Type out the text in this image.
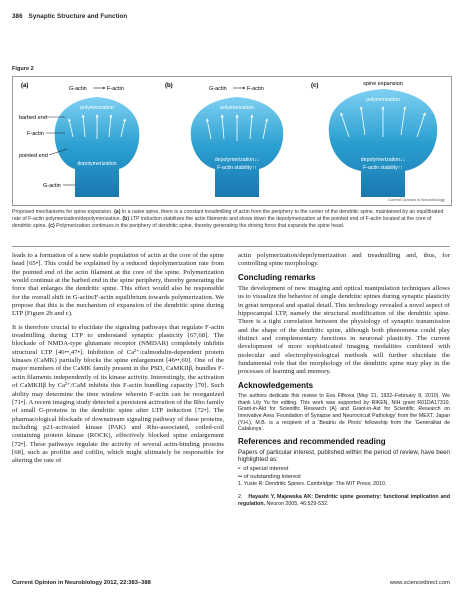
386 Synaptic Structure and Function
Figure 2
(a)	G-actin	F-actin
polymerization
depolymerization
barbed end
F-actin
pointed end
G-actin
(b)	G-actin	F-actin
polymerization
depolymerization↓↓
F-actin stability↑↑
(c)	spine expansion
polymerization
depolymerization↓↓
F-actin stability↑↑
Current Opinion in Neurobiology
Proposed mechanisms for spine expansion. (a) In a naive spine, there is a constant treadmilling of actin from the periphery to the center of the dendritic spine, maintained by an equilibrated rate of F-actin polymerization/depolymerization. (b) LTP induction stabilizes the actin filaments and slows down the depolymerization at the pointed end of F-actin located at the core of dendritic spine. (c) Polymerization continues in the periphery of dendritic spine, thereby generating the driving force that expands the spine head.

leads to a formation of a new stable population of actin at the core of the spine head [65•]. This could be explained by a reduced depolymerization rate from the pointed end of the actin filament at the core of the spine. Polymerization would continue at the barbed end in the spine periphery, thereby generating the force that enlarges the dendritic spine. This effect would also be responsible for the overall shift in G-actin/F-actin equilibrium towards polymerization. We propose that this is the mechanism of expansion of the dendritic spine during LTP (Figure 2b and c).

It is therefore crucial to elucidate the signaling pathways that regulate F-actin treadmilling during LTP to understand synaptic plasticity [67,68]. The blockade of NMDA-type glutamate receptor (NMDAR) completely inhibits structural LTP [46••,47•]. Inhibition of Ca²⁺/calmodulin-dependent protein kinases (CaMK) partially blocks the spine enlargement [46••,69]. One of the major members of the CaMK family present in the PSD, CaMKIIβ, bundles F-actin filaments independently of its kinase activity. Interestingly, the activation of CaMKIIβ by Ca²⁺/CaM inhibits this F-actin bundling capacity [70]. Such ability may determine the time window wherein F-actin can be reorganized [71•]. A recent imaging study detected a persistent activation of the Rho family of small G-proteins in the dendritic spine after LTP induction [72•]. The pharmacological blockade of downstream signaling pathway of these proteins, including p21-activated kinase (PAK) and Rho-associated, coiled-coil containing protein kinase (ROCK), effectively blocked spine enlargement [72•]. These pathways regulate the activity of several actin-binding proteins [68], such as profilin and cofilin, which might ultimately be responsible for altering the rate of

actin polymerization/depolymerization and treadmilling and, thus, for controlling spine morphology.

Concluding remarks

The development of new imaging and optical manipulation techniques allows us to visualize the behavior of single dendritic spines during synaptic plasticity in great temporal and spatial detail. This technology revealed a novel aspect of hippocampal LTP, namely the structural modification of the dendritic spine. There is a tight correlation between the physiology of synaptic transmission and the shape of the dendritic spine, although both phenomena could play distinct and complementary functions in neuronal plasticity. The current development of more sophisticated imaging modalities combined with molecular and electrophysiological methods will further elucidate the fundamental role that the morphology of the dendritic spine may play in the processes of learning and memory.

Acknowledgements

The authors dedicate this review to Eva Fifkova (May 21, 1932–February 8, 2010). We thank Lily Yu for editing. This work was supported by RIKEN, NIH grant R01DA17310, Grant-in-Aid for Scientific Research (A) and Grant-in-Aid for Scientific Research on Innovative Area ‘Foundation of Synapse and Neurocircuit Pathology’ from the MEXT, Japan (Y.H.), M.B. is a recipient of a ‘Beatriu de Pinós’ fellowship from the ‘Generalitat de Catalunya’.

References and recommended reading

Papers of particular interest, published within the period of review, have been highlighted as:

•  of special interest
•• of outstanding interest

1. Yuste R: Dendritic Spines. Cambridge: The MIT Press; 2010.

2. Hayashi Y, Majewska AK: Dendritic spine geometry: functional implication and regulation. Neuron 2005, 46:529-532.

Current Opinion in Neurobiology 2012, 22:383–388	www.sciencedirect.com
